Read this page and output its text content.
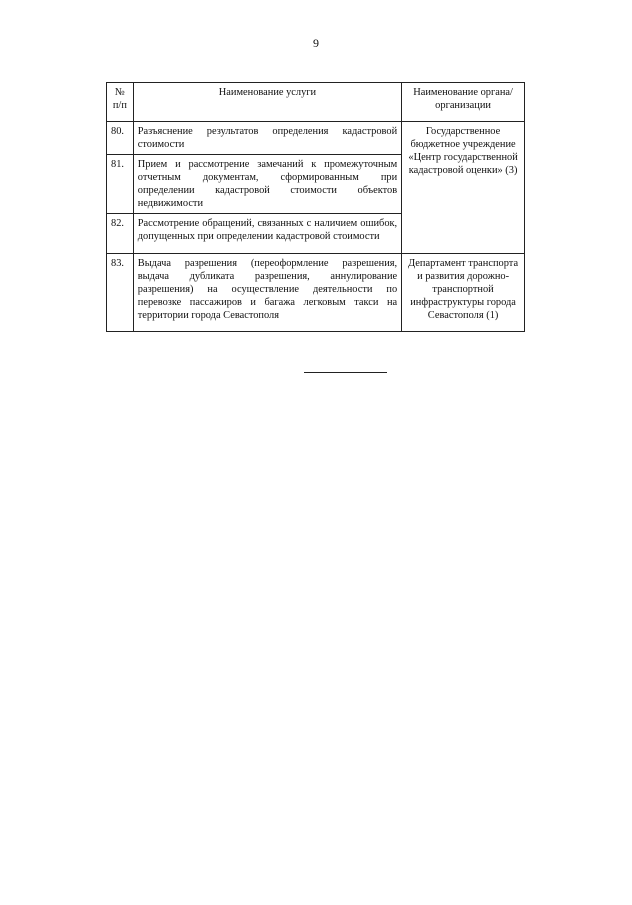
9
№ п/п	Наименование услуги	Наименование органа/организации
80.	Разъяснение результатов определения кадастровой стоимости	Государственное бюджетное учреждение «Центр государственной кадастровой оценки» (3)
81.	Прием и рассмотрение замечаний к промежуточным отчетным документам, сформированным при определении кадастровой стоимости объектов недвижимости	
82.	Рассмотрение обращений, связанных с наличием ошибок, допущенных при определении кадастровой стоимости	
83.	Выдача разрешения (переоформление разрешения, выдача дубликата разрешения, аннулирование разрешения) на осуществление деятельности по перевозке пассажиров и багажа легковым такси на территории города Севастополя	Департамент транспорта и развития дорожно-транспортной инфраструктуры города Севастополя (1)
